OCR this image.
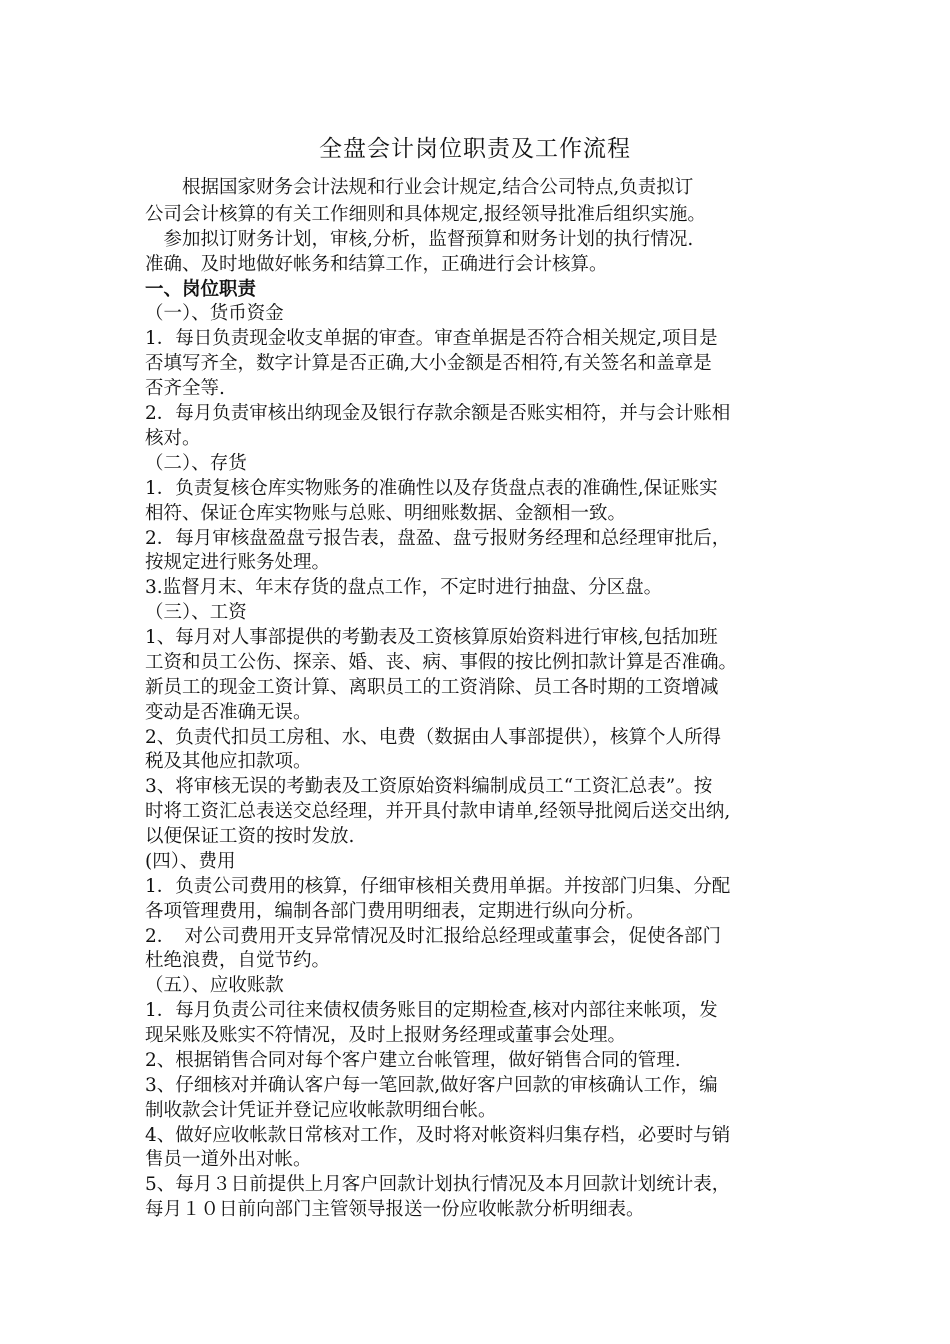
全盘会计岗位职责及工作流程
　　根据国家财务会计法规和行业会计规定,结合公司特点,负责拟订
公司会计核算的有关工作细则和具体规定,报经领导批准后组织实施。
　参加拟订财务计划，审核,分析，监督预算和财务计划的执行情况.
准确、及时地做好帐务和结算工作，正确进行会计核算。
一、岗位职责
（一）、货币资金
1．每日负责现金收支单据的审查。审查单据是否符合相关规定,项目是
否填写齐全，数字计算是否正确,大小金额是否相符,有关签名和盖章是
否齐全等.
2．每月负责审核出纳现金及银行存款余额是否账实相符，并与会计账相
核对。
（二）、存货
1．负责复核仓库实物账务的准确性以及存货盘点表的准确性,保证账实
相符、保证仓库实物账与总账、明细账数据、金额相一致。
2．每月审核盘盈盘亏报告表，盘盈、盘亏报财务经理和总经理审批后，
按规定进行账务处理。
3.监督月末、年末存货的盘点工作，不定时进行抽盘、分区盘。
（三）、工资
1、每月对人事部提供的考勤表及工资核算原始资料进行审核,包括加班
工资和员工公伤、探亲、婚、丧、病、事假的按比例扣款计算是否准确。
新员工的现金工资计算、离职员工的工资消除、员工各时期的工资增减
变动是否准确无误。
2、负责代扣员工房租、水、电费（数据由人事部提供），核算个人所得
税及其他应扣款项。
3、将审核无误的考勤表及工资原始资料编制成员工“工资汇总表”。按
时将工资汇总表送交总经理，并开具付款申请单,经领导批阅后送交出纳,
以便保证工资的按时发放.
(四）、费用
1．负责公司费用的核算，仔细审核相关费用单据。并按部门归集、分配
各项管理费用，编制各部门费用明细表，定期进行纵向分析。
2．　对公司费用开支异常情况及时汇报给总经理或董事会，促使各部门
杜绝浪费，自觉节约。
（五）、应收账款
1．每月负责公司往来债权债务账目的定期检查,核对内部往来帐项，发
现呆账及账实不符情况，及时上报财务经理或董事会处理。
2、根据销售合同对每个客户建立台帐管理，做好销售合同的管理.
3、仔细核对并确认客户每一笔回款,做好客户回款的审核确认工作，编
制收款会计凭证并登记应收帐款明细台帐。
4、做好应收帐款日常核对工作，及时将对帐资料归集存档，必要时与销
售员一道外出对帐。
5、每月３日前提供上月客户回款计划执行情况及本月回款计划统计表，
每月１０日前向部门主管领导报送一份应收帐款分析明细表。
